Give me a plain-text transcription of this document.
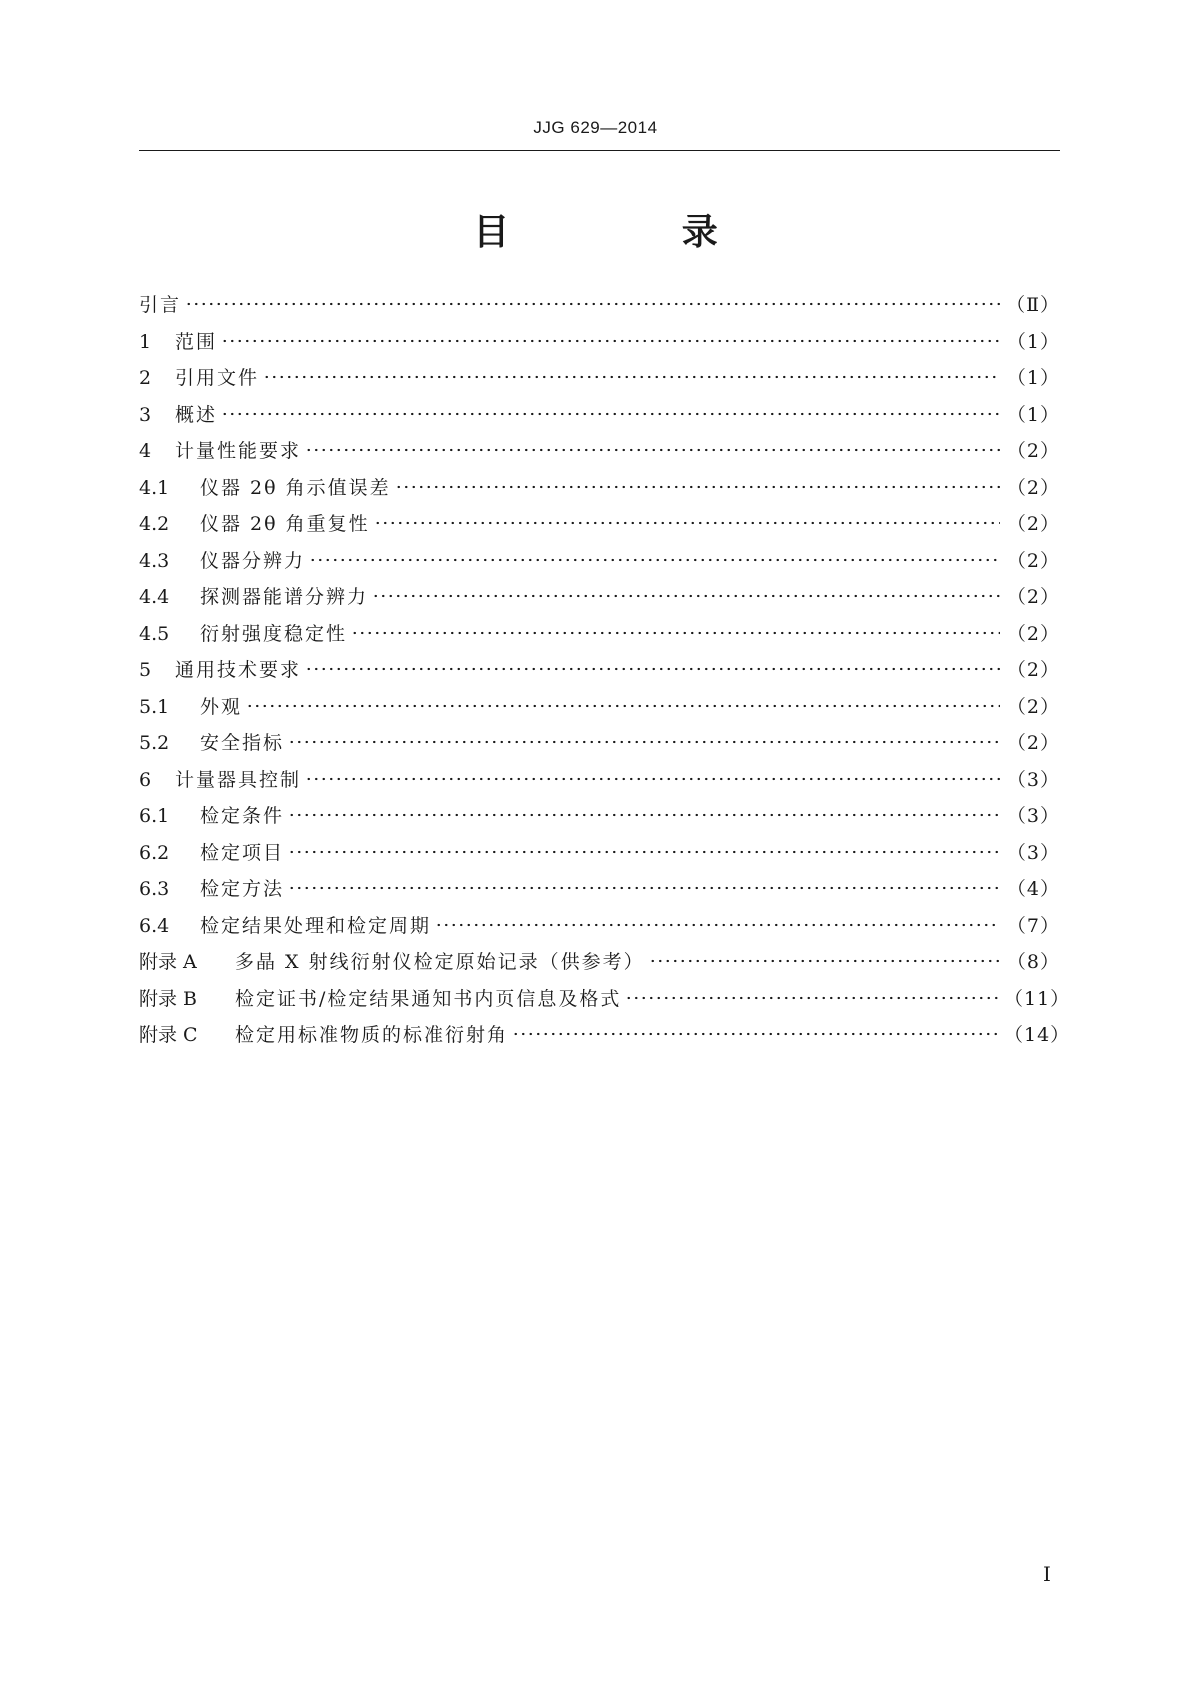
JJG 629—2014
目 录
引言	（Ⅱ）
1	范围	（1）
2	引用文件	（1）
3	概述	（1）
4	计量性能要求	（2）
4.1	仪器 2θ 角示值误差	（2）
4.2	仪器 2θ 角重复性	（2）
4.3	仪器分辨力	（2）
4.4	探测器能谱分辨力	（2）
4.5	衍射强度稳定性	（2）
5	通用技术要求	（2）
5.1	外观	（2）
5.2	安全指标	（2）
6	计量器具控制	（3）
6.1	检定条件	（3）
6.2	检定项目	（3）
6.3	检定方法	（4）
6.4	检定结果处理和检定周期	（7）
附录 A	多晶 X 射线衍射仪检定原始记录（供参考）	（8）
附录 B	检定证书/检定结果通知书内页信息及格式	（11）
附录 C	检定用标准物质的标准衍射角	（14）
Ⅰ
